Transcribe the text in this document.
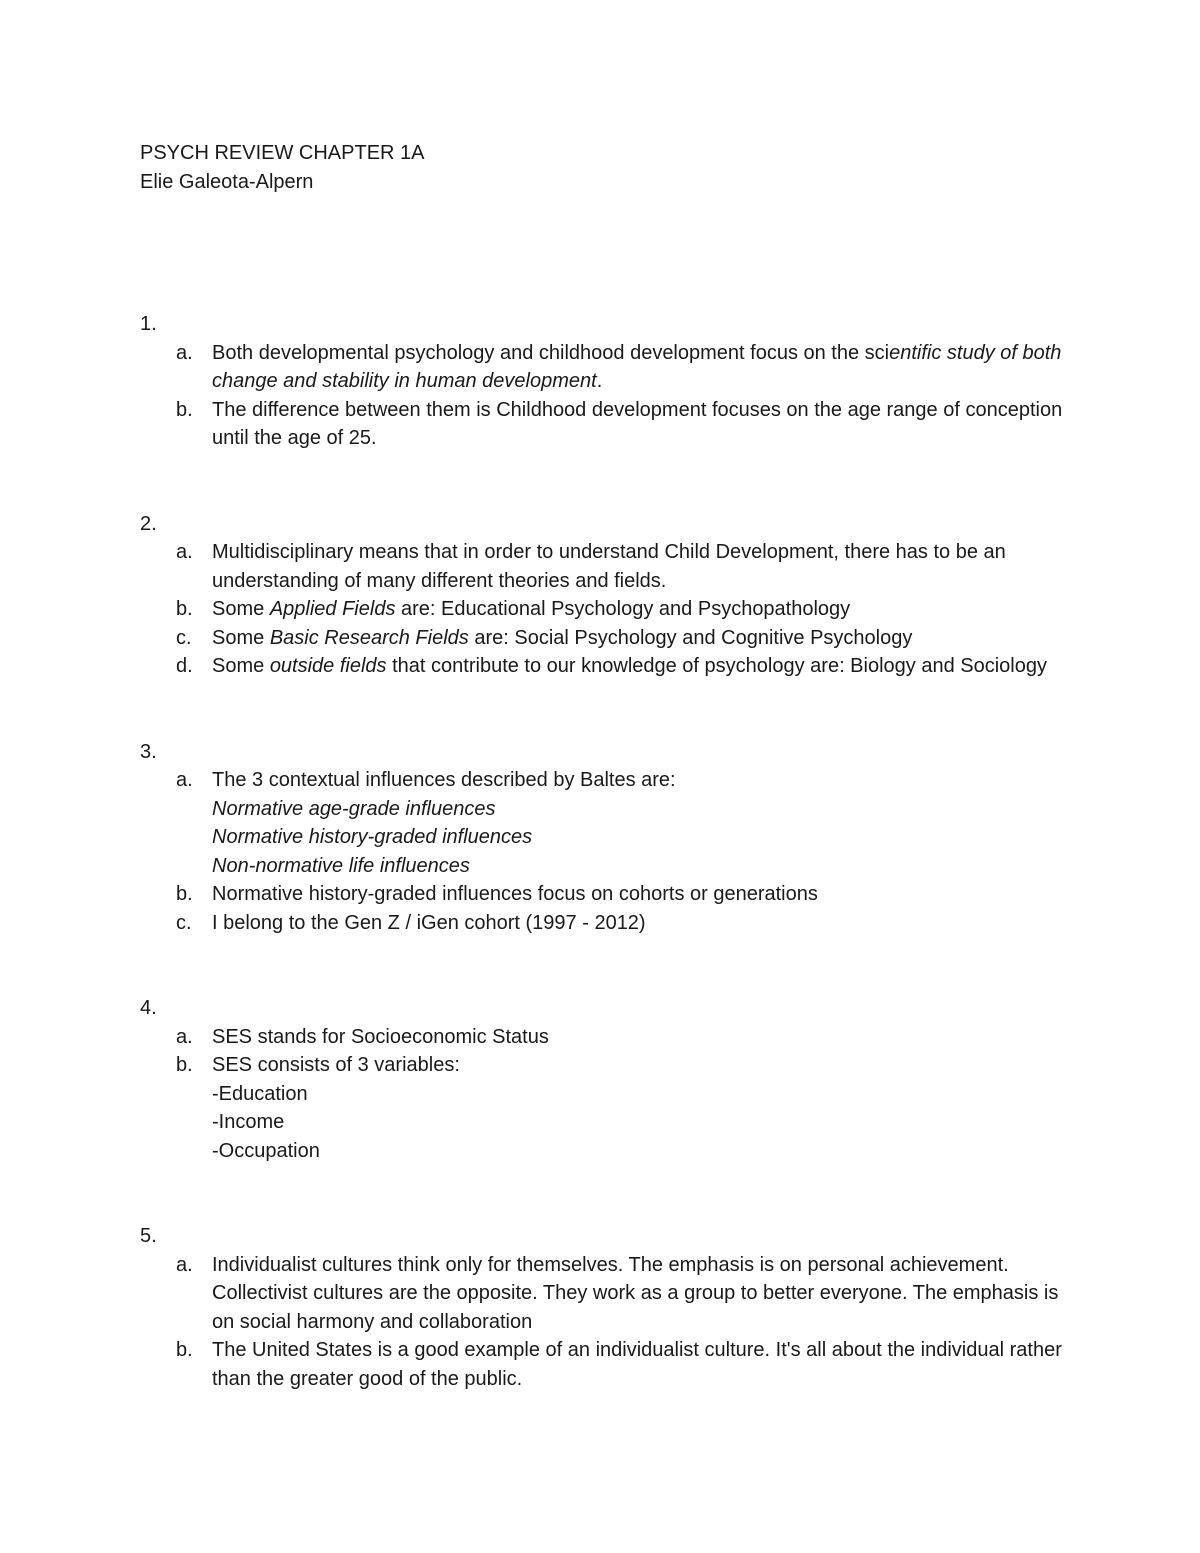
PSYCH REVIEW CHAPTER 1A

Elie Galeota-Alpern

1.

a. Both developmental psychology and childhood development focus on the scientific study of both change and stability in human development.
b. The difference between them is Childhood development focuses on the age range of conception until the age of 25.

2.

a. Multidisciplinary means that in order to understand Child Development, there has to be an understanding of many different theories and fields.
b. Some Applied Fields are: Educational Psychology and Psychopathology
c. Some Basic Research Fields are: Social Psychology and Cognitive Psychology
d. Some outside fields that contribute to our knowledge of psychology are: Biology and Sociology

3.

a. The 3 contextual influences described by Baltes are:
Normative age-grade influences
Normative history-graded influences
Non-normative life influences
b. Normative history-graded influences focus on cohorts or generations
c. I belong to the Gen Z / iGen cohort (1997 - 2012)

4.

a. SES stands for Socioeconomic Status
b. SES consists of 3 variables:
-Education
-Income
-Occupation

5.

a. Individualist cultures think only for themselves. The emphasis is on personal achievement. Collectivist cultures are the opposite. They work as a group to better everyone. The emphasis is on social harmony and collaboration
b. The United States is a good example of an individualist culture. It's all about the individual rather than the greater good of the public.
